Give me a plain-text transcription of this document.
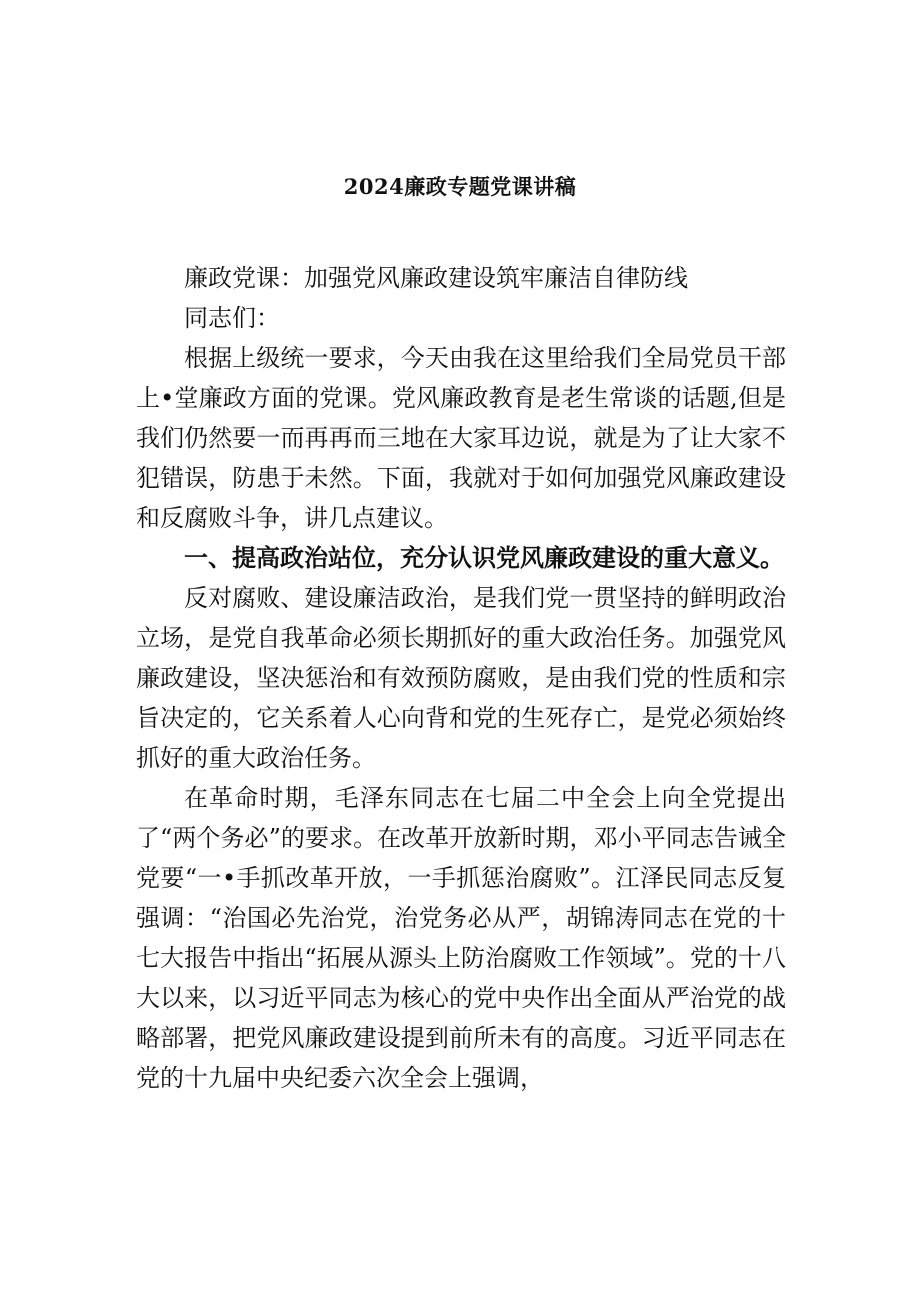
2024廉政专题党课讲稿

廉政党课：加强党风廉政建设筑牢廉洁自律防线

同志们：

根据上级统一要求，今天由我在这里给我们全局党员干部上•堂廉政方面的党课。党风廉政教育是老生常谈的话题,但是我们仍然要一而再再而三地在大家耳边说，就是为了让大家不犯错误，防患于未然。下面，我就对于如何加强党风廉政建设和反腐败斗争，讲几点建议。

一、提高政治站位，充分认识党风廉政建设的重大意义。

反对腐败、建设廉洁政治，是我们党一贯坚持的鲜明政治立场，是党自我革命必须长期抓好的重大政治任务。加强党风廉政建设，坚决惩治和有效预防腐败，是由我们党的性质和宗旨决定的，它关系着人心向背和党的生死存亡，是党必须始终抓好的重大政治任务。

在革命时期，毛泽东同志在七届二中全会上向全党提出了“两个务必”的要求。在改革开放新时期，邓小平同志告诫全党要“一•手抓改革开放，一手抓惩治腐败”。江泽民同志反复强调：“治国必先治党，治党务必从严，胡锦涛同志在党的十七大报告中指出“拓展从源头上防治腐败工作领域”。党的十八大以来，以习近平同志为核心的党中央作出全面从严治党的战略部署，把党风廉政建设提到前所未有的高度。习近平同志在党的十九届中央纪委六次全会上强调，
